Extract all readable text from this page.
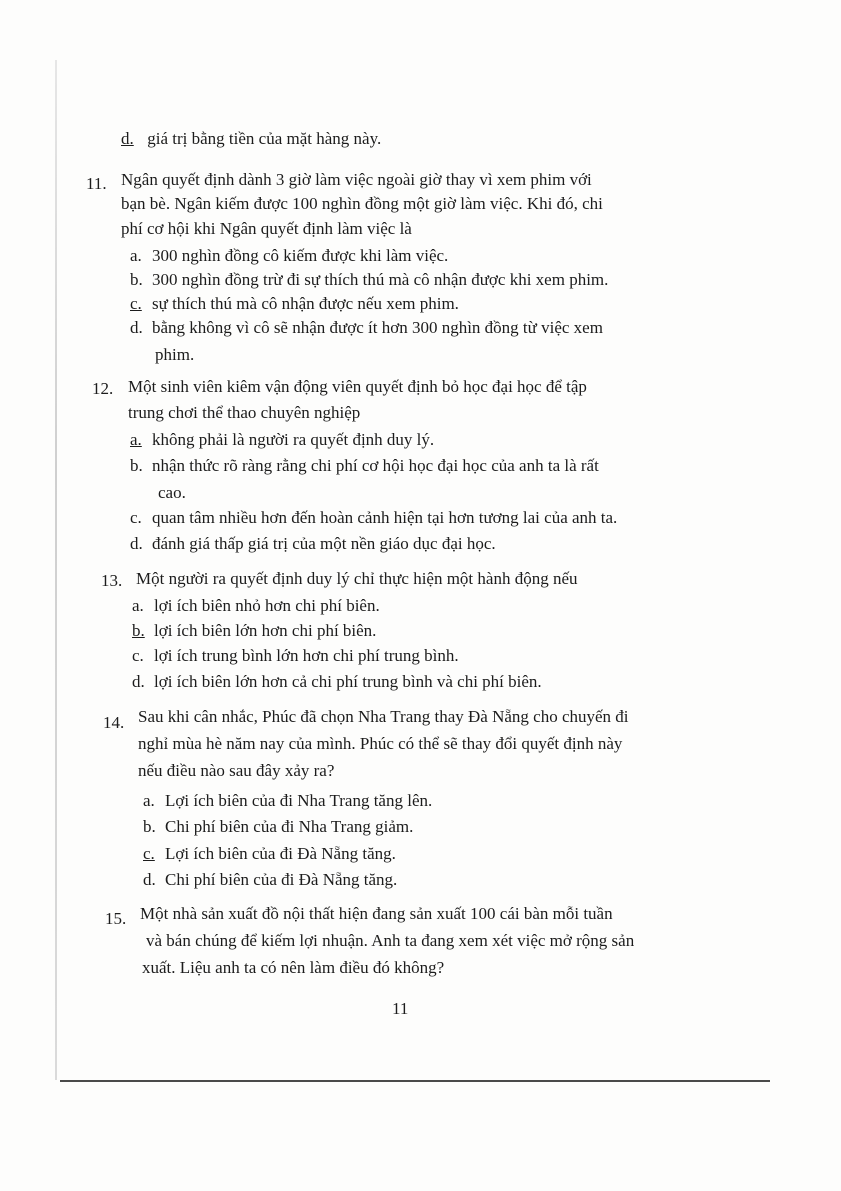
d. giá trị bằng tiền của mặt hàng này.
11. Ngân quyết định dành 3 giờ làm việc ngoài giờ thay vì xem phim với
bạn bè. Ngân kiếm được 100 nghìn đồng một giờ làm việc. Khi đó, chi
phí cơ hội khi Ngân quyết định làm việc là
a. 300 nghìn đồng cô kiếm được khi làm việc.
b. 300 nghìn đồng trừ đi sự thích thú mà cô nhận được khi xem phim.
c. sự thích thú mà cô nhận được nếu xem phim.
d. bằng không vì cô sẽ nhận được ít hơn 300 nghìn đồng từ việc xem
phim.
12. Một sinh viên kiêm vận động viên quyết định bỏ học đại học để tập
trung chơi thể thao chuyên nghiệp
a. không phải là người ra quyết định duy lý.
b. nhận thức rõ ràng rằng chi phí cơ hội học đại học của anh ta là rất
cao.
c. quan tâm nhiều hơn đến hoàn cảnh hiện tại hơn tương lai của anh ta.
d. đánh giá thấp giá trị của một nền giáo dục đại học.
13. Một người ra quyết định duy lý chỉ thực hiện một hành động nếu
a. lợi ích biên nhỏ hơn chi phí biên.
b. lợi ích biên lớn hơn chi phí biên.
c. lợi ích trung bình lớn hơn chi phí trung bình.
d. lợi ích biên lớn hơn cả chi phí trung bình và chi phí biên.
14. Sau khi cân nhắc, Phúc đã chọn Nha Trang thay Đà Nẵng cho chuyến đi
nghỉ mùa hè năm nay của mình. Phúc có thể sẽ thay đổi quyết định này
nếu điều nào sau đây xảy ra?
a. Lợi ích biên của đi Nha Trang tăng lên.
b. Chi phí biên của đi Nha Trang giảm.
c. Lợi ích biên của đi Đà Nẵng tăng.
d. Chi phí biên của đi Đà Nẵng tăng.
15. Một nhà sản xuất đồ nội thất hiện đang sản xuất 100 cái bàn mỗi tuần
và bán chúng để kiếm lợi nhuận. Anh ta đang xem xét việc mở rộng sản
xuất. Liệu anh ta có nên làm điều đó không?
11
